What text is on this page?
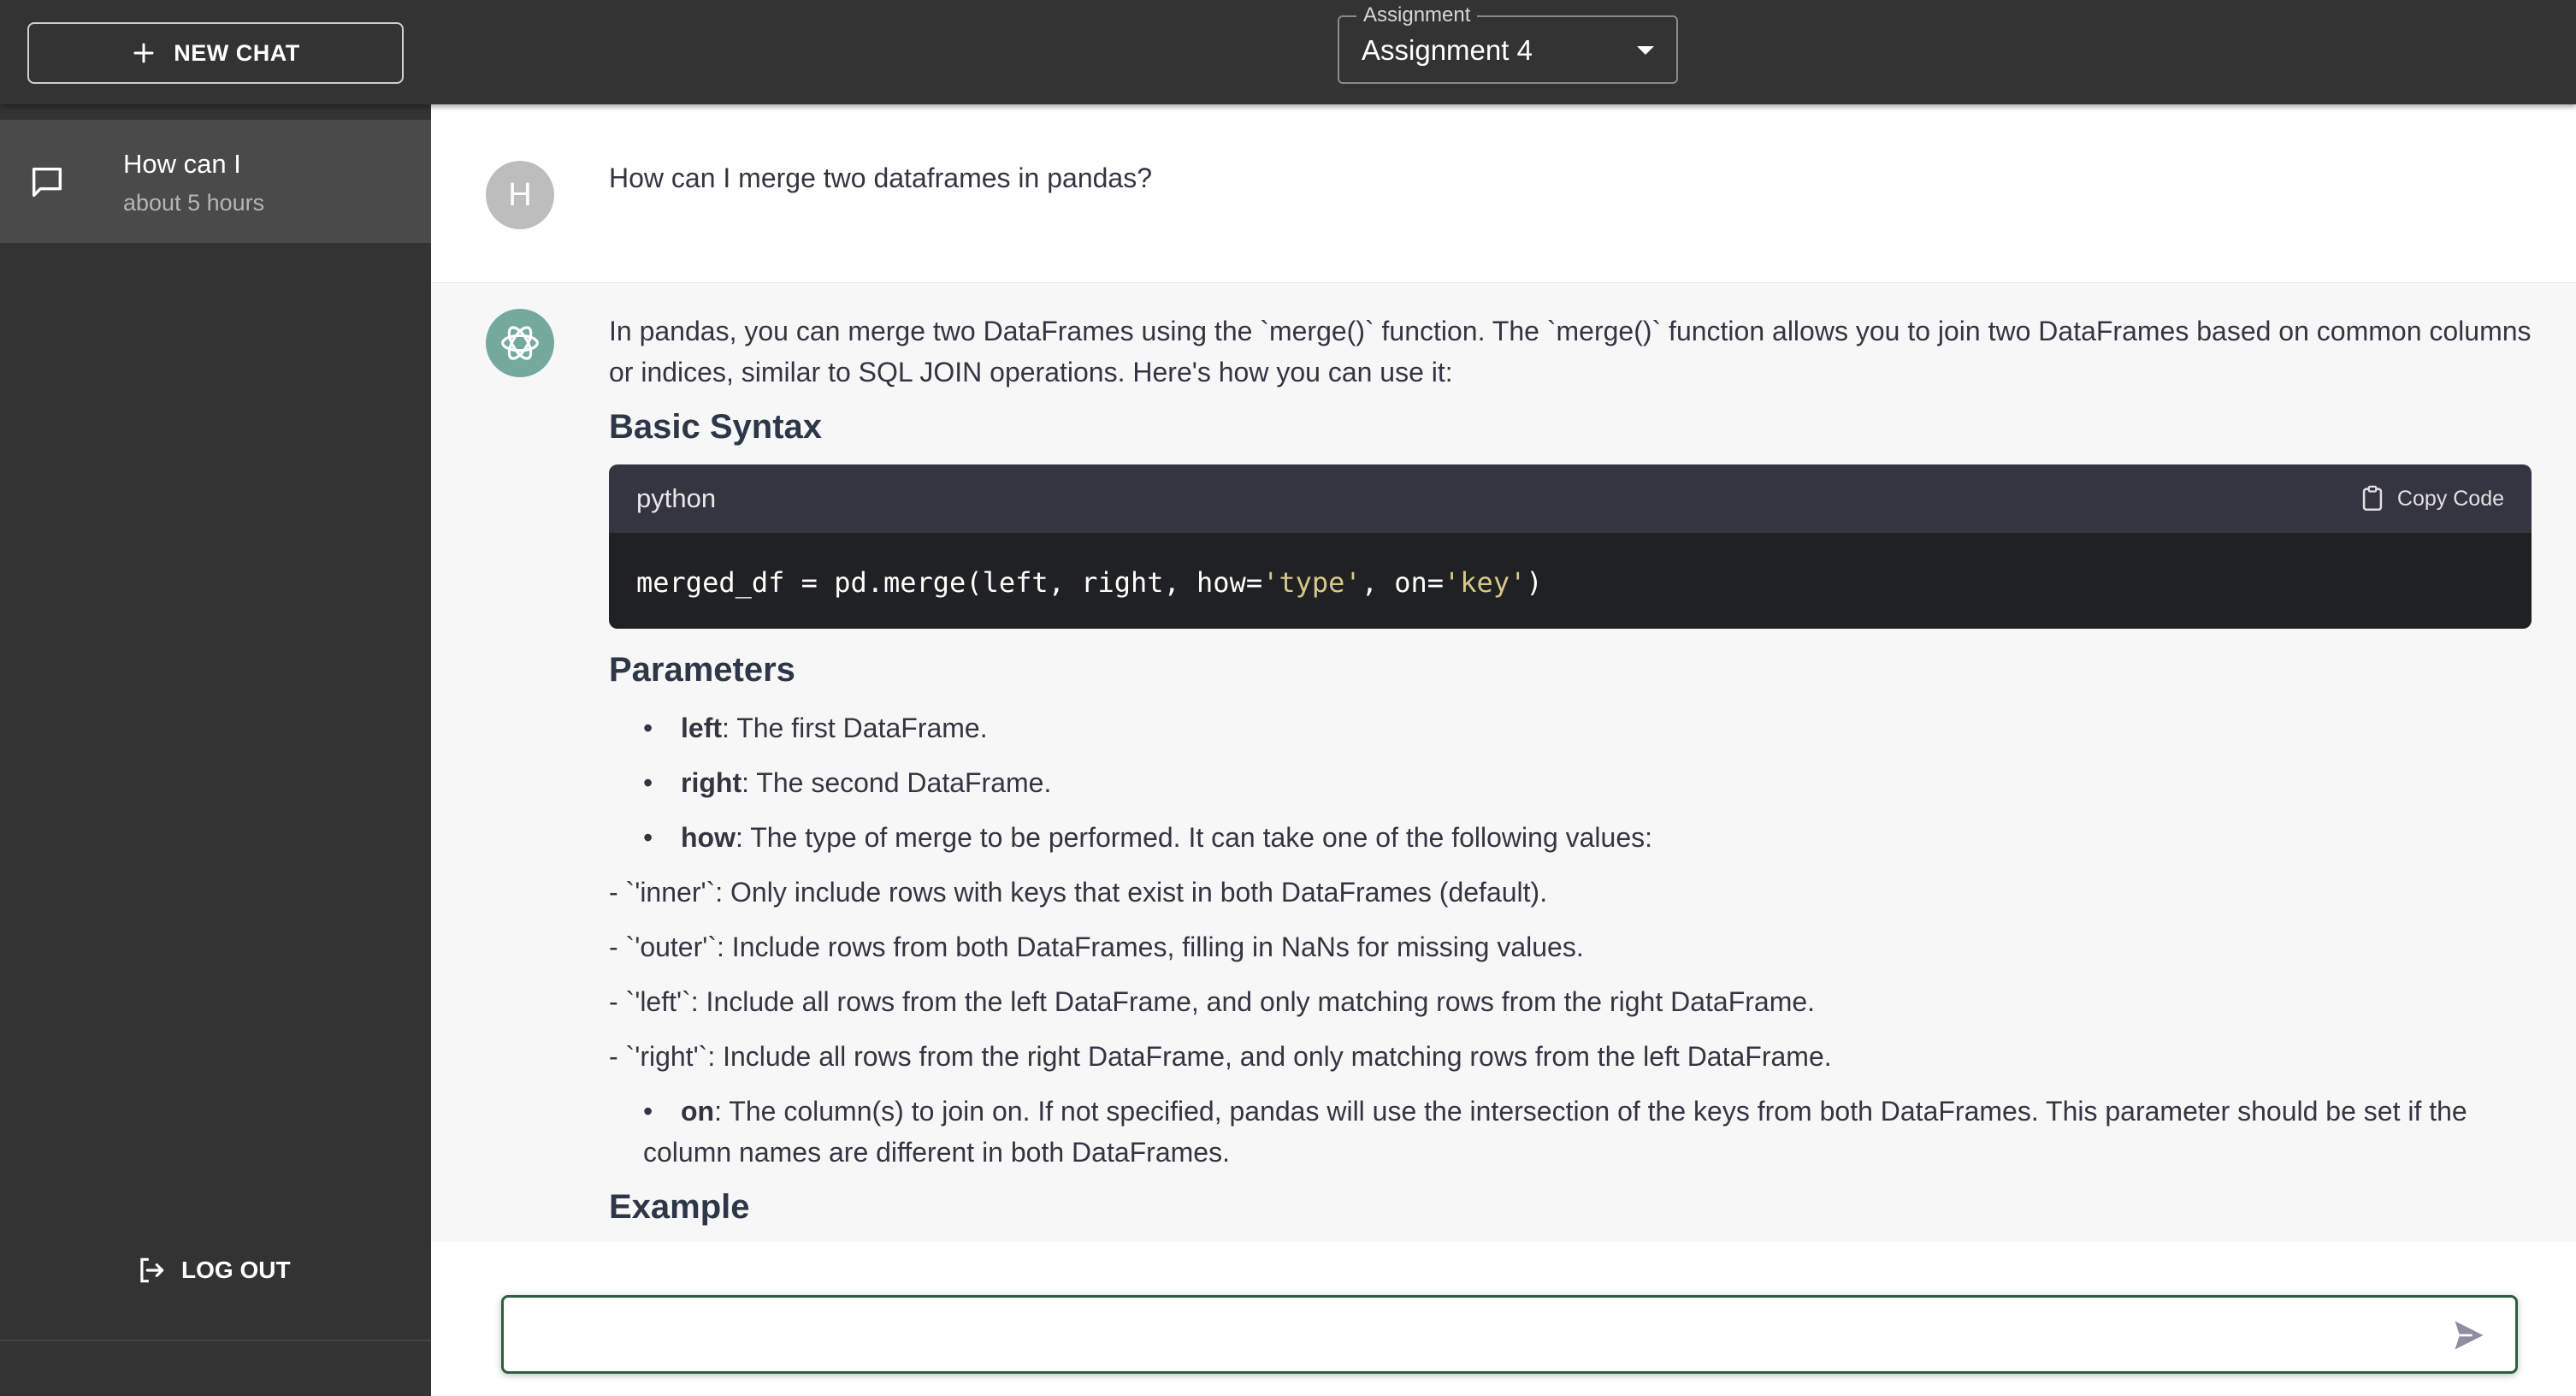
NEW CHAT
Assignment
Assignment 4
How can I
about 5 hours
LOG OUT
H	How can I merge two dataframes in pandas?
In pandas, you can merge two DataFrames using the `merge()` function. The `merge()` function allows you to join two DataFrames based on common columns or indices, similar to SQL JOIN operations. Here's how you can use it:
Basic Syntax
python	Copy Code
merged_df = pd.merge(left, right, how='type', on='key')
Parameters
• left: The first DataFrame.
• right: The second DataFrame.
• how: The type of merge to be performed. It can take one of the following values:
- `'inner'`: Only include rows with keys that exist in both DataFrames (default).
- `'outer'`: Include rows from both DataFrames, filling in NaNs for missing values.
- `'left'`: Include all rows from the left DataFrame, and only matching rows from the right DataFrame.
- `'right'`: Include all rows from the right DataFrame, and only matching rows from the left DataFrame.
• on: The column(s) to join on. If not specified, pandas will use the intersection of the keys from both DataFrames. This parameter should be set if the column names are different in both DataFrames.
Example
